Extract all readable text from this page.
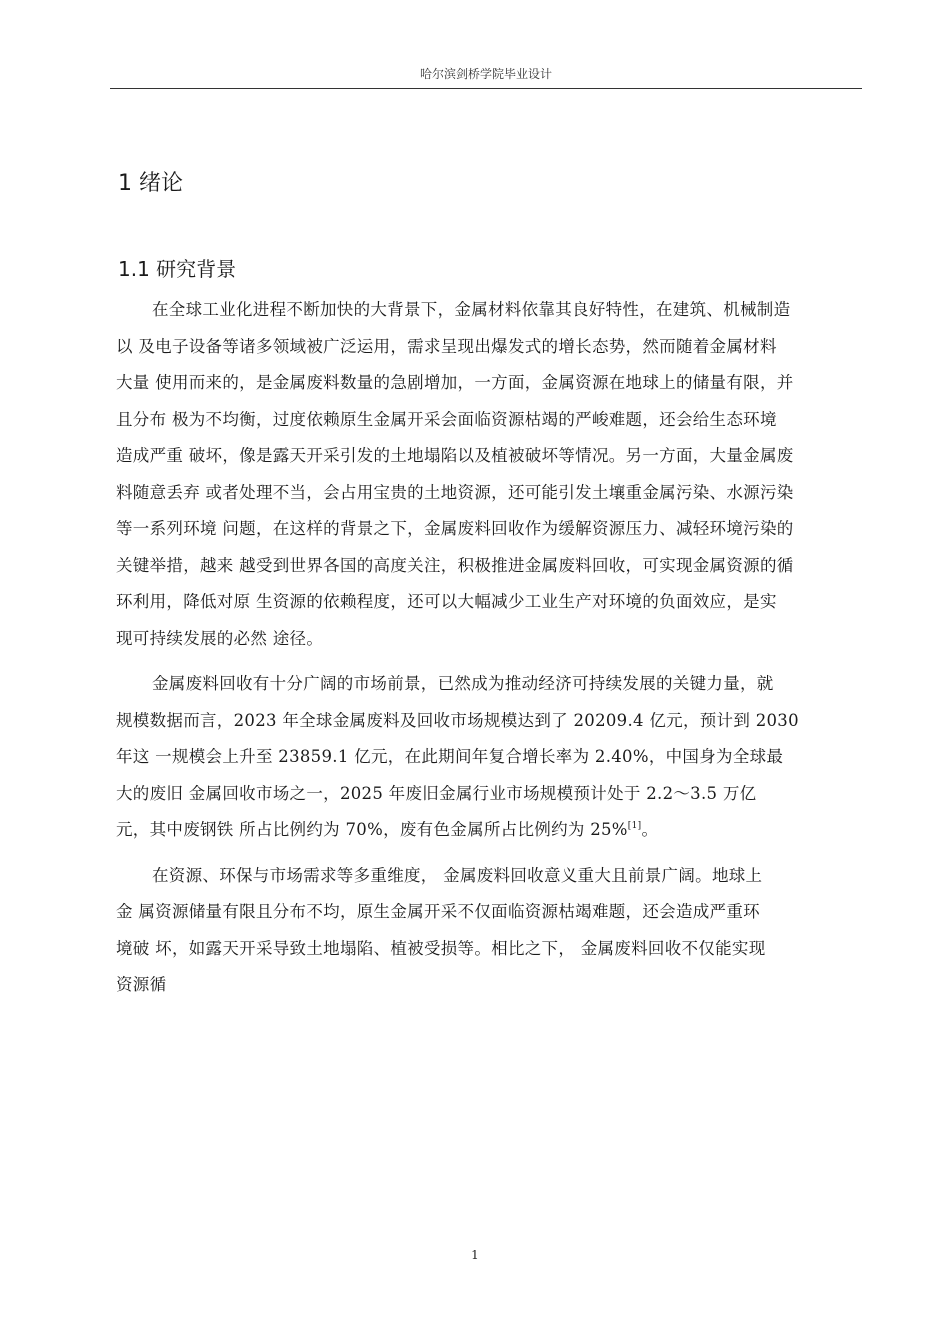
哈尔滨剑桥学院毕业设计
1 绪论
1.1 研究背景

在全球工业化进程不断加快的大背景下，金属材料依靠其良好特性，在建筑、机械制造
以 及电子设备等诸多领域被广泛运用，需求呈现出爆发式的增长态势，然而随着金属材料
大量 使用而来的，是金属废料数量的急剧增加，一方面，金属资源在地球上的储量有限，并
且分布 极为不均衡，过度依赖原生金属开采会面临资源枯竭的严峻难题，还会给生态环境
造成严重 破坏，像是露天开采引发的土地塌陷以及植被破坏等情况。另一方面，大量金属废
料随意丢弃 或者处理不当，会占用宝贵的土地资源，还可能引发土壤重金属污染、水源污染
等一系列环境 问题，在这样的背景之下，金属废料回收作为缓解资源压力、减轻环境污染的
关键举措，越来 越受到世界各国的高度关注，积极推进金属废料回收，可实现金属资源的循
环利用，降低对原 生资源的依赖程度，还可以大幅减少工业生产对环境的负面效应，是实
现可持续发展的必然 途径。

金属废料回收有十分广阔的市场前景，已然成为推动经济可持续发展的关键力量，就
规模数据而言，2023 年全球金属废料及回收市场规模达到了 20209.4 亿元，预计到 2030
年这 一规模会上升至 23859.1 亿元，在此期间年复合增长率为 2.40%，中国身为全球最
大的废旧 金属回收市场之一，2025 年废旧金属行业市场规模预计处于 2.2～3.5 万亿
元，其中废钢铁 所占比例约为 70%，废有色金属所占比例约为 25%[1]。

在资源、环保与市场需求等多重维度， 金属废料回收意义重大且前景广阔。地球上
金 属资源储量有限且分布不均，原生金属开采不仅面临资源枯竭难题，还会造成严重环
境破 坏，如露天开采导致土地塌陷、植被受损等。相比之下， 金属废料回收不仅能实现
资源循

1
